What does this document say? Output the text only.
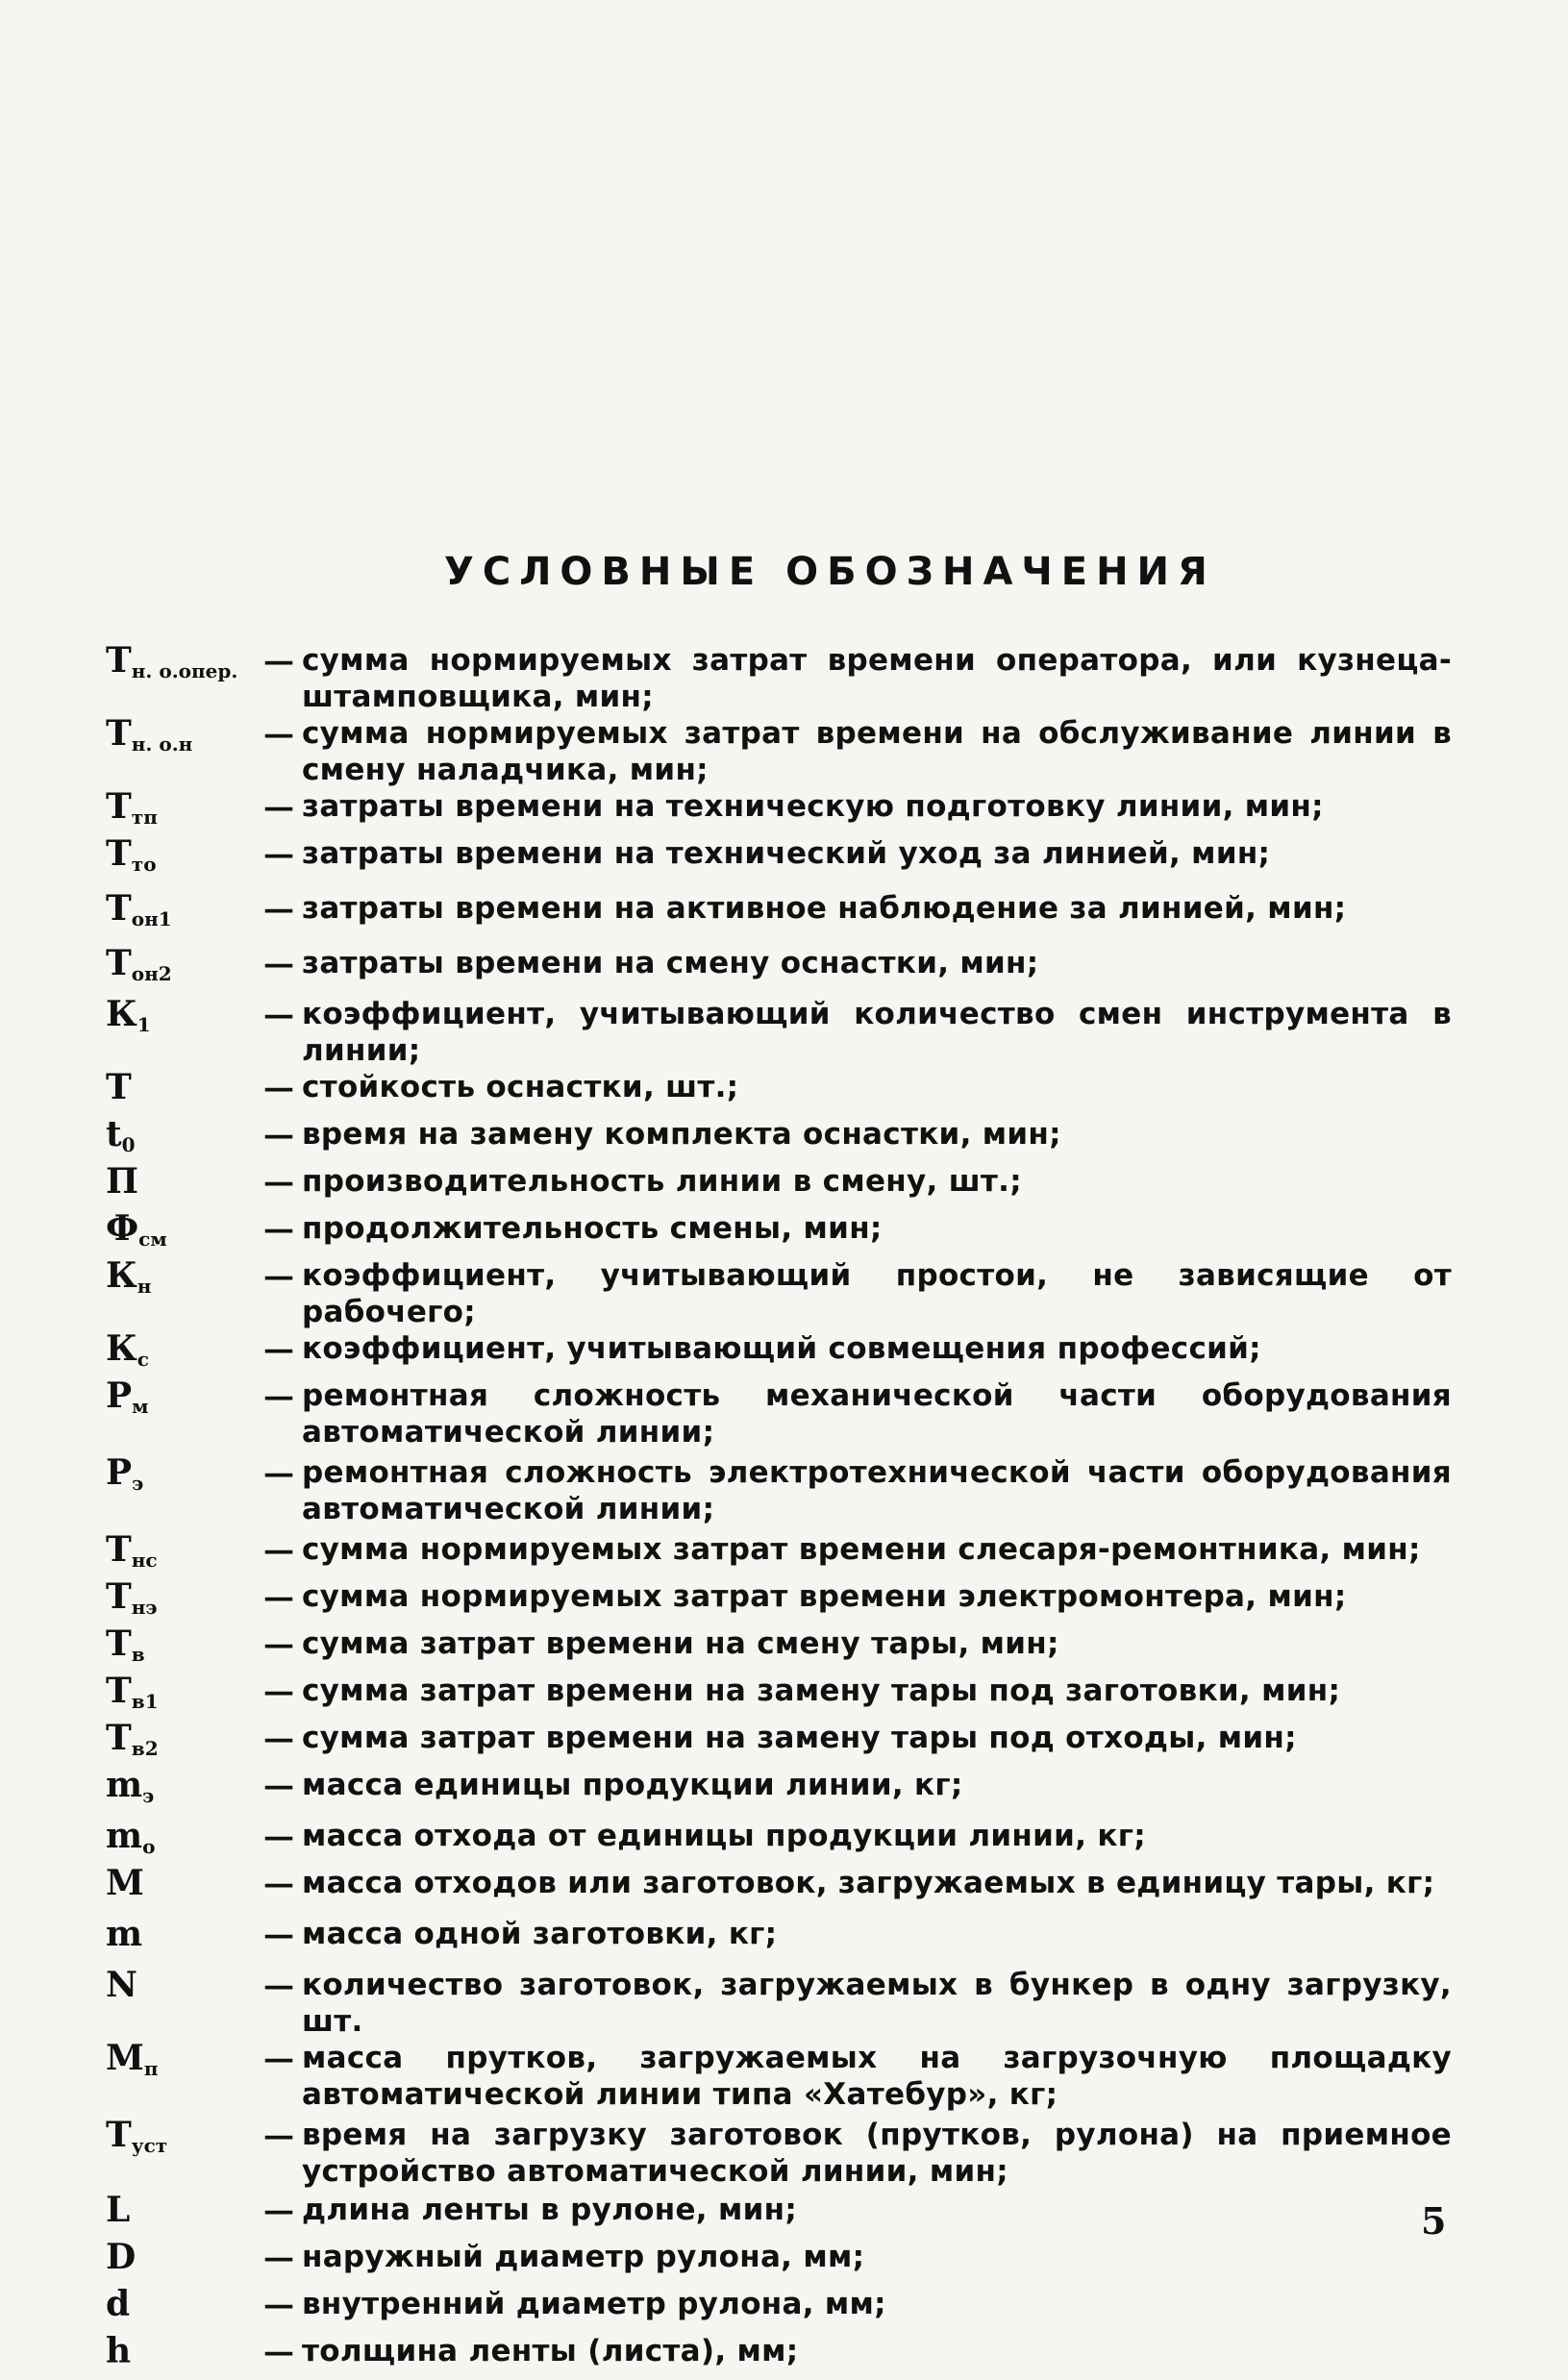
УСЛОВНЫЕ ОБОЗНАЧЕНИЯ
$Т_{н. о.опер.}$ — сумма нормируемых затрат времени оператора, или кузнеца-штамповщика, мин;
$Т_{н. о.н}$	— сумма нормируемых затрат времени на обслуживание линии в смену наладчика, мин;
$Т_{тп}$	— затраты времени на техническую подготовку линии, мин;
$Т_{то}$	— затраты времени на технический уход за линией, мин;
$Т_{он1}$	— затраты времени на активное наблюдение за линией, мин;
$Т_{он2}$	— затраты времени на смену оснастки, мин;
$К_1$	— коэффициент, учитывающий количество смен инструмента в линии;
Т	— стойкость оснастки, шт.;
$t_0$	— время на замену комплекта оснастки, мин;
П	— производительность линии в смену, шт.;
$Ф_{см}$	— продолжительность смены, мин;
$К_н$	— коэффициент, учитывающий простои, не зависящие от рабочего;
$К_с$	— коэффициент, учитывающий совмещения профессий;
$Р_м$	— ремонтная сложность механической части оборудования автоматической линии;
$Р_э$	— ремонтная сложность электротехнической части оборудования автоматической линии;
$Т_{нс}$	— сумма нормируемых затрат времени слесаря-ремонтника, мин;
$Т_{нэ}$	— сумма нормируемых затрат времени электромонтера, мин;
$Т_в$	— сумма затрат времени на смену тары, мин;
$Т_{в1}$	— сумма затрат времени на замену тары под заготовки, мин;
$Т_{в2}$	— сумма затрат времени на замену тары под отходы, мин;
$m_э$	— масса единицы продукции линии, кг;
$m_о$	— масса отхода от единицы продукции линии, кг;
М	— масса отходов или заготовок, загружаемых в единицу тары, кг;
m	— масса одной заготовки, кг;
N	— количество заготовок, загружаемых в бункер в одну загрузку, шт.
$М_п$	— масса прутков, загружаемых на загрузочную площадку автоматической линии типа «Хатебур», кг;
$Т_{уст}$	— время на загрузку заготовок (прутков, рулона) на приемное устройство автоматической линии, мин;
L	— длина ленты в рулоне, мин;
D	— наружный диаметр рулона, мм;
d	— внутренний диаметр рулона, мм;
h	— толщина ленты (листа), мм;
5
